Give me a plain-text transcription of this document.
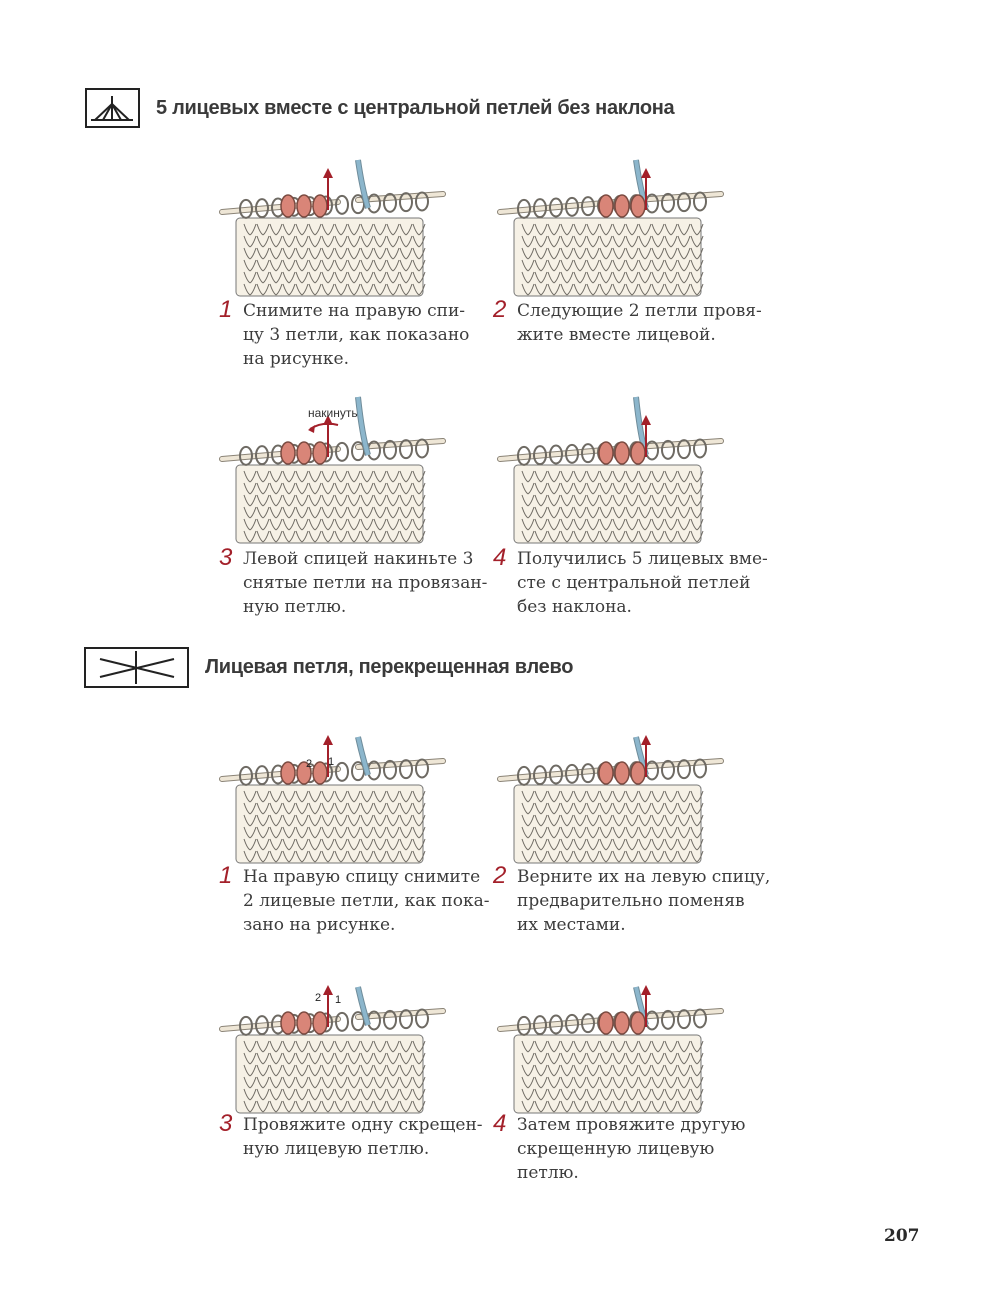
5 лицевых вместе с центральной петлей без наклона
накинуть
1 Снимите на правую спи-
цу 3 петли, как показано
на рисунке.
2 Следующие 2 петли провя-
жите вместе лицевой.
3 Левой спицей накиньте 3
снятые петли на провязан-
ную петлю.
4 Получились 5 лицевых вме-
сте с центральной петлей
без наклона.
Лицевая петля, перекрещенная влево
2 1
2 1
1 На правую спицу снимите
2 лицевые петли, как пока-
зано на рисунке.
2 Верните их на левую спицу,
предварительно поменяв
их местами.
3 Провяжите одну скрещен-
ную лицевую петлю.
4 Затем провяжите другую
скрещенную лицевую
петлю.
207
